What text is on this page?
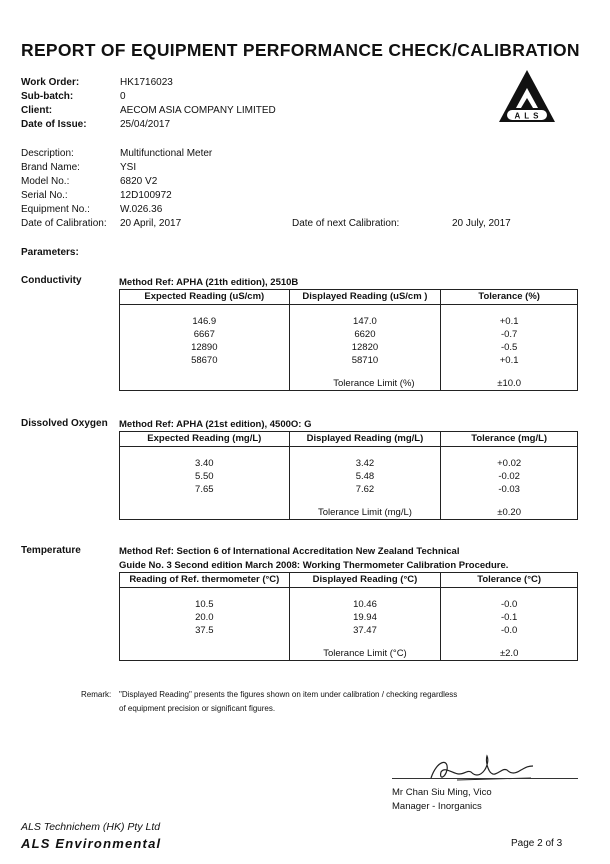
REPORT OF EQUIPMENT PERFORMANCE CHECK/CALIBRATION
A L S
Work Order:	HK1716023
Sub-batch:	0
Client:	AECOM ASIA COMPANY LIMITED
Date of Issue:	25/04/2017
Description:	Multifunctional Meter
Brand Name:	YSI
Model No.:	6820 V2
Serial No.:	12D100972
Equipment No.:	W.026.36
Date of Calibration: 20 April, 2017	Date of next Calibration:	20 July, 2017
Parameters:
Conductivity	Method Ref: APHA (21th edition), 2510B
Expected Reading (uS/cm)	Displayed Reading (uS/cm )	Tolerance (%)

146.9	147.0	+0.1
6667	6620	-0.7
12890	12820	-0.5
58670	58710	+0.1

	Tolerance Limit (%)	±10.0
Dissolved Oxygen Method Ref: APHA (21st edition), 4500O: G
Expected Reading (mg/L)	Displayed Reading (mg/L)	Tolerance (mg/L)

3.40	3.42	+0.02
5.50	5.48	-0.02
7.65	7.62	-0.03

	Tolerance Limit (mg/L)	±0.20
Temperature	Method Ref: Section 6 of International Accreditation New Zealand Technical
Guide No. 3 Second edition March 2008: Working Thermometer Calibration Procedure.
Reading of Ref. thermometer (°C)	Displayed Reading (°C)	Tolerance (°C)

10.5	10.46	-0.0
20.0	19.94	-0.1
37.5	37.47	-0.0

	Tolerance Limit (°C)	±2.0
Remark: "Displayed Reading" presents the figures shown on item under calibration / checking regardless
of equipment precision or significant figures.
Mr Chan Siu Ming, Vico
Manager - Inorganics
ALS Technichem (HK) Pty Ltd
ALS Environmental	Page 2 of 3
